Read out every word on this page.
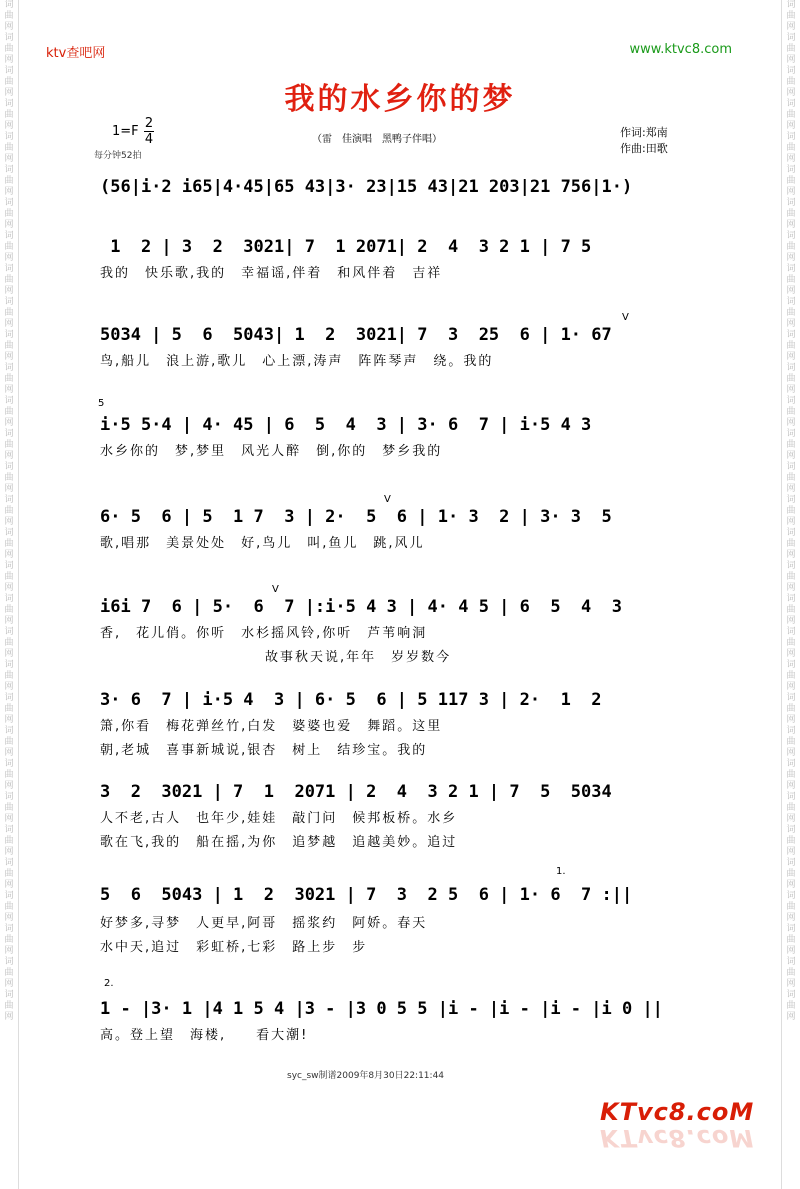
词曲网词曲网词曲网词曲网词曲网词曲网词曲网词曲网词曲网词曲网词曲网词曲网词曲网词曲网词曲网词曲网词曲网词曲网词曲网词曲网词曲网词曲网词曲网词曲网词曲网词曲网词曲网词曲网词曲网词曲网词曲网
词曲网词曲网词曲网词曲网词曲网词曲网词曲网词曲网词曲网词曲网词曲网词曲网词曲网词曲网词曲网词曲网词曲网词曲网词曲网词曲网词曲网词曲网词曲网词曲网词曲网词曲网词曲网词曲网词曲网词曲网词曲网
ktv查吧网	www.ktvc8.com
我的水乡你的梦
1=F
2
4
每分钟52拍
（雷　佳演唱　黑鸭子伴唱）
作词:郑南
作曲:田歌
(56|i·2 i65|4·45|65 43|3· 23|15 43|21 203|21 756|1·)
1  2 | 3  2  3021| 7  1 2071| 2  4  3 2 1 | 7 5
5034 | 5  6  5043| 1  2  3021| 7  3  25  6 | 1· 67
i·5 5·4 | 4· 45 | 6  5  4  3 | 3· 6  7 | i·5 4 3
6· 5  6 | 5  1 7  3 | 2·  5  6 | 1· 3  2 | 3· 3  5
i6i 7  6 | 5·  6  7 |:i·5 4 3 | 4· 4 5 | 6  5  4  3
3· 6  7 | i·5 4  3 | 6· 5  6 | 5 117 3 | 2·  1  2
3  2  3021 | 7  1  2071 | 2  4  3 2 1 | 7  5  5034
5  6  5043 | 1  2  3021 | 7  3  2 5  6 | 1· 6  7 :||
1 - |3· 1 |4 1 5 4 |3 - |3 0 5 5 |i - |i - |i - |i 0 ||
我的　快乐歌,我的　幸福谣,伴着　和风伴着　吉祥
鸟,船儿　浪上游,歌儿　心上漂,涛声　阵阵琴声　绕。我的
水乡你的　梦,梦里　风光人醉　倒,你的　梦乡我的
歌,唱那　美景处处　好,鸟儿　叫,鱼儿　跳,风儿
香,　花儿俏。你听　水杉摇风铃,你听　芦苇响洞
　　　　　　　　　　　故事秋天说,年年　岁岁数今
箫,你看　梅花弹丝竹,白发　婆婆也爱　舞蹈。这里
朝,老城　喜事新城说,银杏　树上　结珍宝。我的
人不老,古人　也年少,娃娃　敲门问　候邦板桥。水乡
歌在飞,我的　船在摇,为你　追梦越　追越美妙。追过
好梦多,寻梦　人更早,阿哥　摇浆约　阿娇。春天
水中天,追过　彩虹桥,七彩　路上步　步
高。登上望　海楼,　　看大潮!
1.
2.
5
V
V
V
syc_sw制谱2009年8月30日22:11:44
KTvc8.coM
KTvc8.coM
